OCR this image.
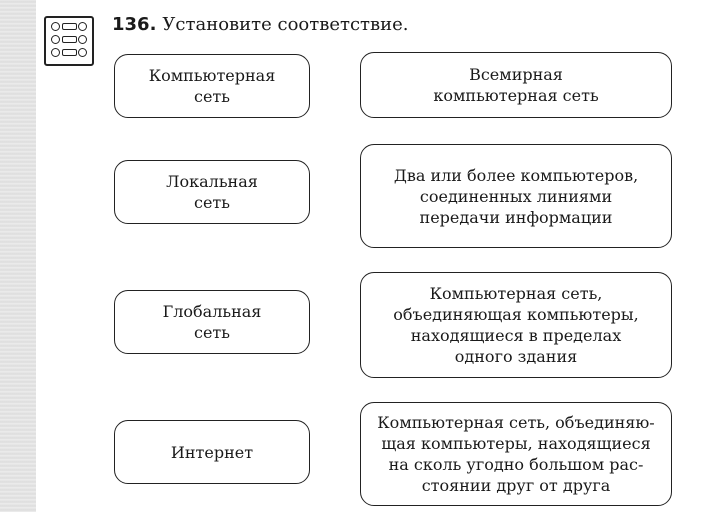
136. Установите соответствие.
Компьютерная
сеть
Локальная
сеть
Глобальная
сеть
Интернет
Всемирная
компьютерная сеть
Два или более компьютеров,
соединенных линиями
передачи информации
Компьютерная сеть,
объединяющая компьютеры,
находящиеся в пределах
одного здания
Компьютерная сеть, объединяю-
щая компьютеры, находящиеся
на сколь угодно большом рас-
стоянии друг от друга
